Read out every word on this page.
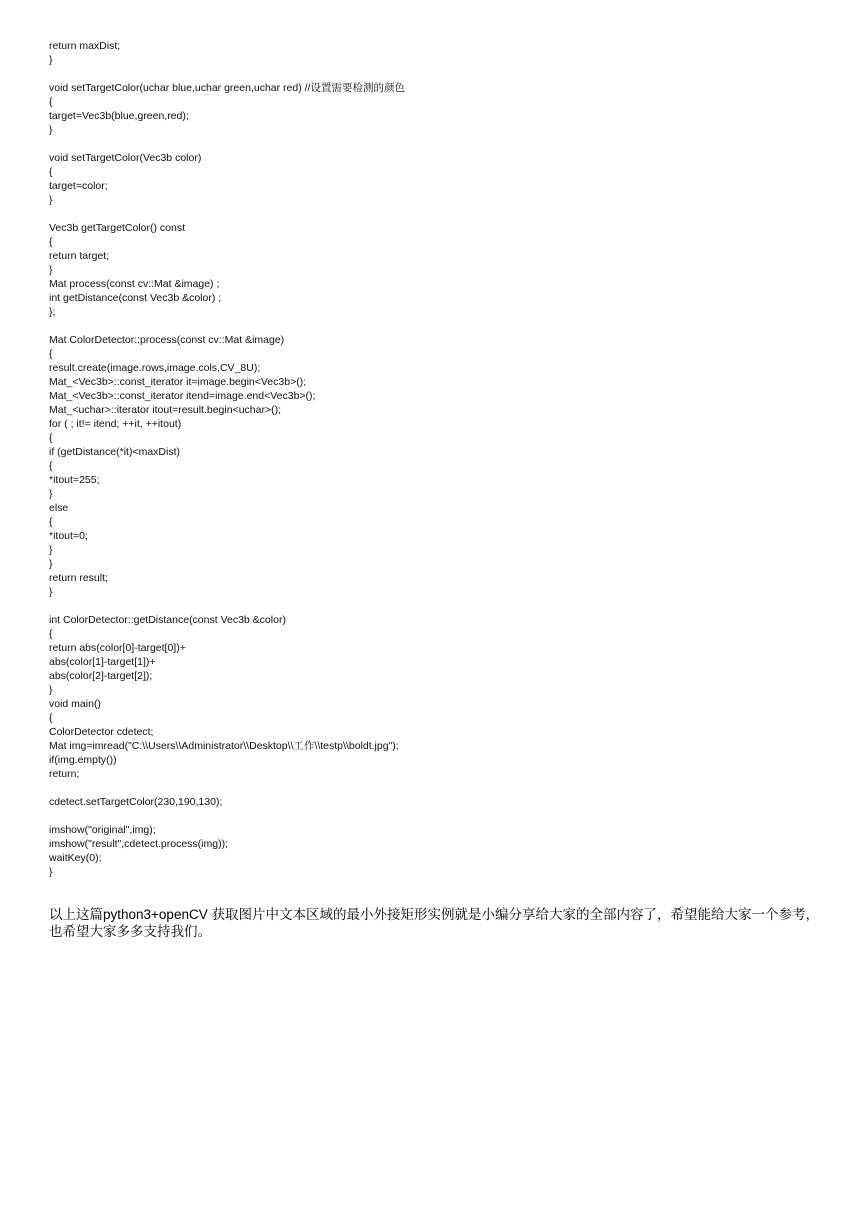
return maxDist;
}
void setTargetColor(uchar blue,uchar green,uchar red) //设置需要检测的颜色
{
target=Vec3b(blue,green,red);
}
void setTargetColor(Vec3b color)
{
target=color;
}
Vec3b getTargetColor() const
{
return target;
}
Mat process(const cv::Mat &image) ;
int getDistance(const Vec3b &color) ;
};
Mat ColorDetector::process(const cv::Mat &image)
{
result.create(image.rows,image.cols,CV_8U);
Mat_<Vec3b>::const_iterator it=image.begin<Vec3b>();
Mat_<Vec3b>::const_iterator itend=image.end<Vec3b>();
Mat_<uchar>::iterator itout=result.begin<uchar>();
for ( ; it!= itend; ++it, ++itout)
{
if (getDistance(*it)<maxDist)
{
*itout=255;
}
else
{
*itout=0;
}
}
return result;
}
int ColorDetector::getDistance(const Vec3b &color)
{
return abs(color[0]-target[0])+
abs(color[1]-target[1])+
abs(color[2]-target[2]);
}
void main()
{
ColorDetector cdetect;
Mat img=imread("C:\\Users\\Administrator\\Desktop\\工作\\testp\\boldt.jpg");
if(img.empty())
return;
cdetect.setTargetColor(230,190,130);
imshow("original",img);
imshow("result",cdetect.process(img));
waitKey(0);
}

以上这篇python3+openCV 获取图片中文本区域的最小外接矩形实例就是小编分享给大家的全部内容了，希望能给大家一个参考，也希望大家多多支持我们。
